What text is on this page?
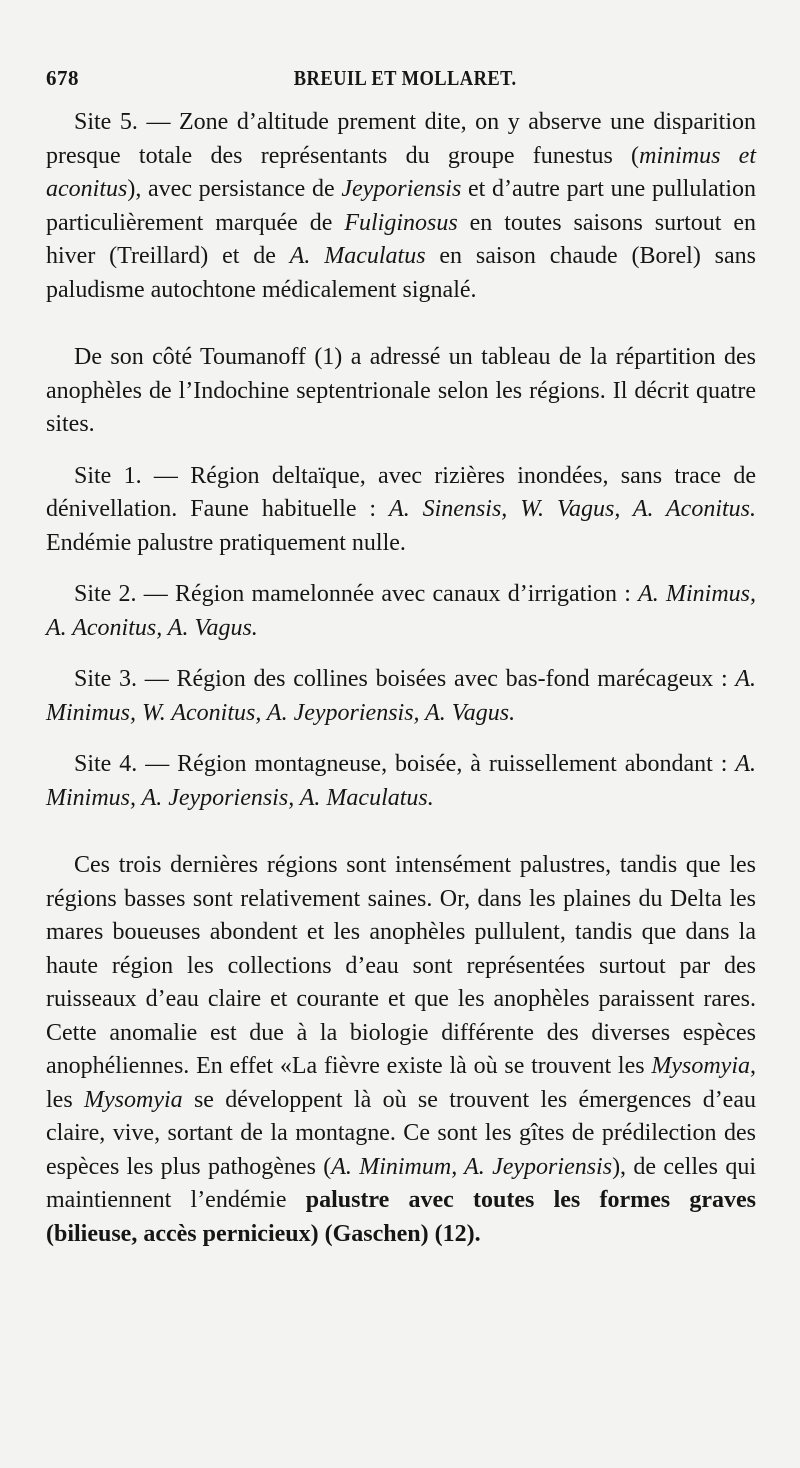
678	BREUIL ET MOLLARET.

Site 5. — Zone d’altitude prement dite, on y abserve une disparition presque totale des représentants du groupe funestus (minimus et aconitus), avec persistance de Jeyporiensis et d’autre part une pullulation particulièrement marquée de Fuliginosus en toutes saisons surtout en hiver (Treillard) et de A. Maculatus en saison chaude (Borel) sans paludisme autochtone médicalement signalé.

De son côté Toumanoff (1) a adressé un tableau de la répartition des anophèles de l’Indochine septentrionale selon les régions. Il décrit quatre sites.

Site 1. — Région deltaïque, avec rizières inondées, sans trace de dénivellation. Faune habituelle : A. Sinensis, W. Vagus, A. Aconitus. Endémie palustre pratiquement nulle.

Site 2. — Région mamelonnée avec canaux d’irrigation : A. Minimus, A. Aconitus, A. Vagus.

Site 3. — Région des collines boisées avec bas-fond marécageux : A. Minimus, W. Aconitus, A. Jeyporiensis, A. Vagus.

Site 4. — Région montagneuse, boisée, à ruissellement abondant : A. Minimus, A. Jeyporiensis, A. Maculatus.

Ces trois dernières régions sont intensément palustres, tandis que les régions basses sont relativement saines. Or, dans les plaines du Delta les mares boueuses abondent et les anophèles pullulent, tandis que dans la haute région les collections d’eau sont représentées surtout par des ruisseaux d’eau claire et courante et que les anophèles paraissent rares. Cette anomalie est due à la biologie différente des diverses espèces anophéliennes. En effet «La fièvre existe là où se trouvent les Mysomyia, les Mysomyia se développent là où se trouvent les émergences d’eau claire, vive, sortant de la montagne. Ce sont les gîtes de prédilection des espèces les plus pathogènes (A. Minimum, A. Jeyporiensis), de celles qui maintiennent l’endémie palustre avec toutes les formes graves (bilieuse, accès pernicieux) (Gaschen) (12).
